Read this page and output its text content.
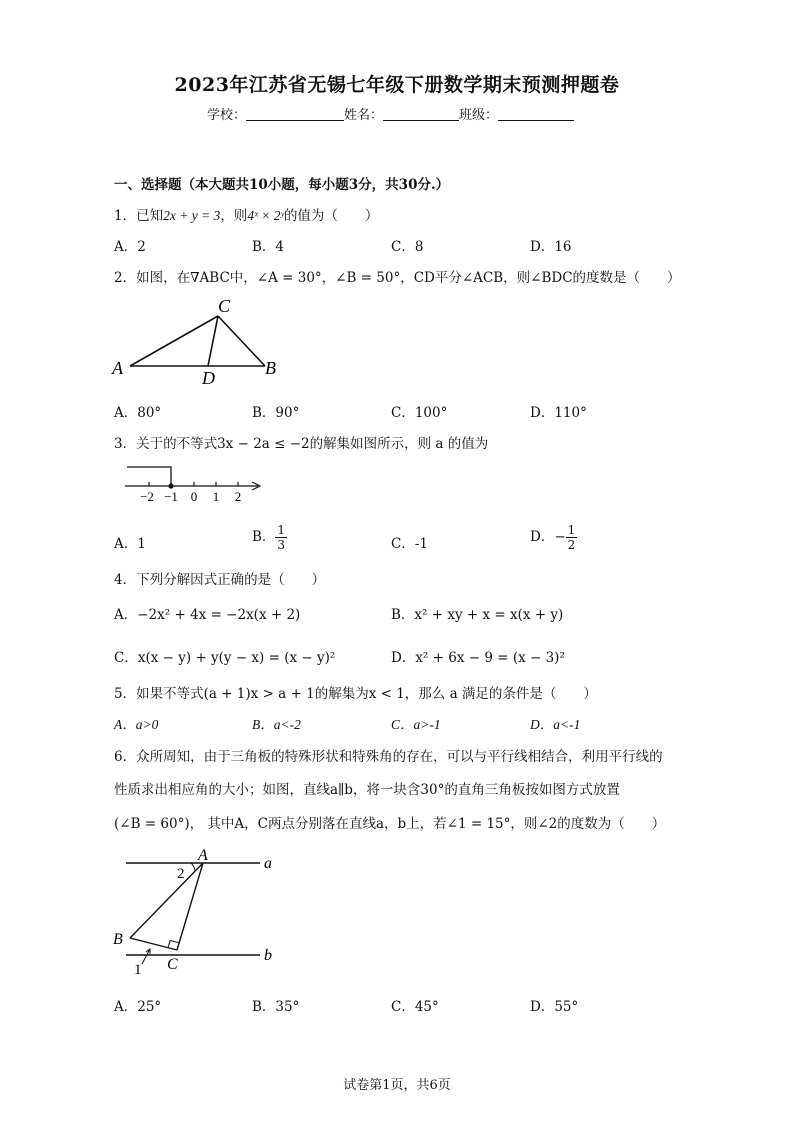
2023年江苏省无锡七年级下册数学期末预测押题卷
学校：	姓名：	班级：
一、选择题（本大题共10小题，每小题3分，共30分.）
1．已知2x + y = 3，则4ˣ × 2ʸ的值为（　　）
A．2	B．4	C．8	D．16
2．如图，在∇ABC中，∠A = 30°，∠B = 50°，CD平分∠ACB，则∠BDC的度数是（　　）
A
C
B
D
A．80°	B．90°	C．100°	D．110°
3．关于的不等式3x − 2a ≤ −2的解集如图所示，则 a 的值为
−2 −1 0 1 2
A．1	B． $\frac{1}{3}$	C．-1	D．− $\frac{1}{2}$
4．下列分解因式正确的是（　　）
A．−2x² + 4x = −2x(x + 2)	B．x² + xy + x = x(x + y)
C．x(x − y) + y(y − x) = (x − y)²	D．x² + 6x − 9 = (x − 3)²
5．如果不等式(a + 1)x > a + 1的解集为x < 1，那么 a 满足的条件是（　　）
A．a>0	B．a<-2	C．a>-1	D．a<-1
6．众所周知，由于三角板的特殊形状和特殊角的存在，可以与平行线相结合，利用平行线的
性质求出相应角的大小；如图，直线a∥b，将一块含30°的直角三角板按如图方式放置
(∠B = 60°)， 其中A，C两点分别落在直线a，b上，若∠1 = 15°，则∠2的度数为（　　）
A
B
C
a
b
2
1
A．25°	B．35°	C．45°	D．55°
试卷第1页，共6页
